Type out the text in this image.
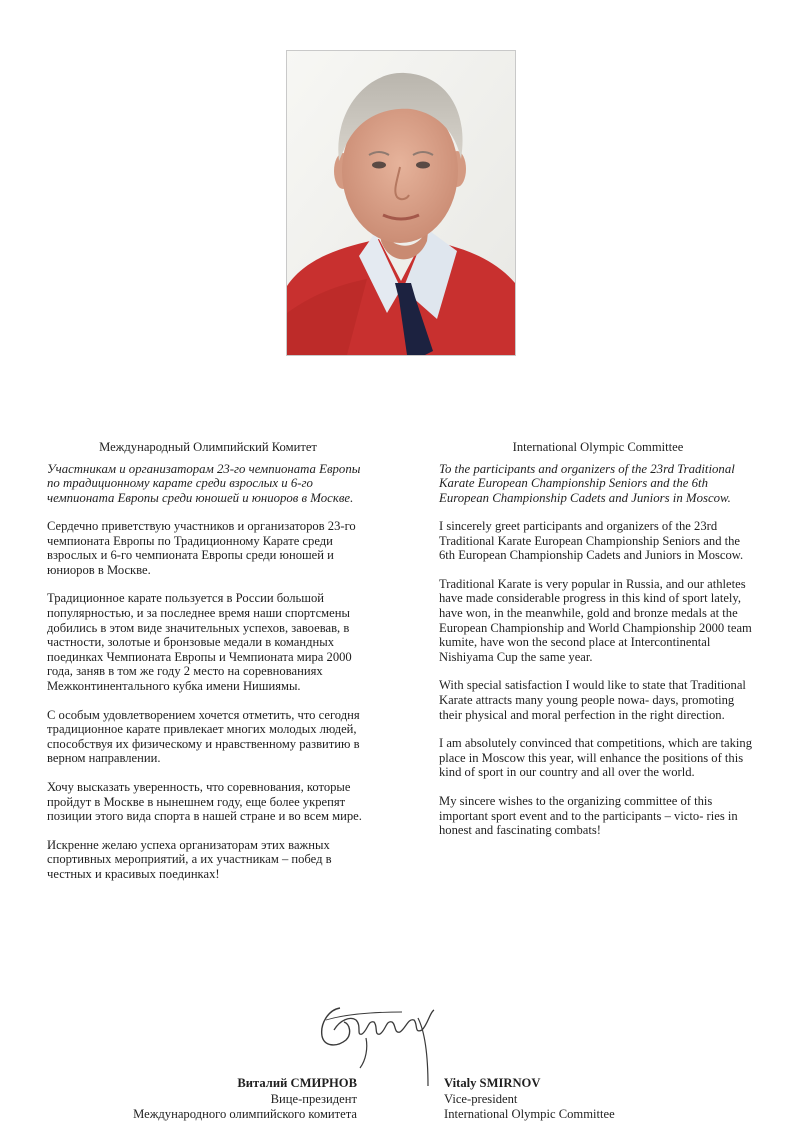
Международный Олимпийский Комитет

Участникам и организаторам 23-го чемпионата Европы по традиционному карате среди взрослых и 6-го чемпионата Европы среди юношей и юниоров в Москве.

Сердечно приветствую участников и организаторов 23-го чемпионата Европы по Традиционному Карате среди взрослых и 6-го чемпионата Европы среди юношей и юниоров в Москве.

Традиционное карате пользуется в России большой популярностью, и за последнее время наши спортсмены добились в этом виде значительных успехов, завоевав, в частности, золотые и бронзовые медали в командных поединках Чемпионата Европы и Чемпионата мира 2000 года, заняв в том же году 2 место на соревнованиях Межконтинентального кубка имени Нишиямы.

С особым удовлетворением хочется отметить, что сегодня традиционное карате привлекает многих молодых людей, способствуя их физическому и нравственному развитию в верном направлении.

Хочу высказать уверенность, что соревнования, которые пройдут в Москве в нынешнем году, еще более укрепят позиции этого вида спорта в нашей стране и во всем мире.

Искренне желаю успеха организаторам этих важных спортивных мероприятий, а их участникам – побед в честных и красивых поединках!

International Olympic Committee

To the participants and organizers of the 23rd Traditional Karate European Championship Seniors and the 6th European Championship Cadets and Juniors in Moscow.

I sincerely greet participants and organizers of the 23rd Traditional Karate European Championship Seniors and the 6th European Championship Cadets and Juniors in Moscow.

Traditional Karate is very popular in Russia, and our athletes have made considerable progress in this kind of sport lately, have won, in the meanwhile, gold and bronze medals at the European Championship and World Championship 2000 team kumite, have won the second place at Intercontinental Nishiyama Cup the same year.

With special satisfaction I would like to state that Traditional Karate attracts many young people nowa- days, promoting their physical and moral perfection in the right direction.

I am absolutely convinced that competitions, which are taking place in Moscow this year, will enhance the positions of this kind of sport in our country and all over the world.

My sincere wishes to the organizing committee of this important sport event and to the participants – victo- ries in honest and fascinating combats!

Виталий СМИРНОВ
Вице-президент
Международного олимпийского комитета
Vitaly SMIRNOV
Vice-president
International Olympic Committee
